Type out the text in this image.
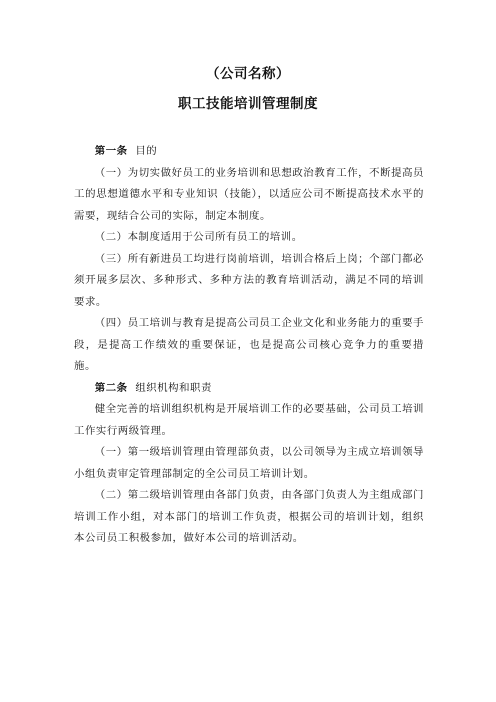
（公司名称）
职工技能培训管理制度

第一条 目的

（一）为切实做好员工的业务培训和思想政治教育工作，不断提高员工的思想道德水平和专业知识（技能），以适应公司不断提高技术水平的需要，现结合公司的实际，制定本制度。

（二）本制度适用于公司所有员工的培训。

（三）所有新进员工均进行岗前培训，培训合格后上岗；个部门都必须开展多层次、多种形式、多种方法的教育培训活动，满足不同的培训要求。

（四）员工培训与教育是提高公司员工企业文化和业务能力的重要手段，是提高工作绩效的重要保证，也是提高公司核心竞争力的重要措施。

第二条 组织机构和职责

健全完善的培训组织机构是开展培训工作的必要基础，公司员工培训工作实行两级管理。

（一）第一级培训管理由管理部负责，以公司领导为主成立培训领导小组负责审定管理部制定的全公司员工培训计划。

（二）第二级培训管理由各部门负责，由各部门负责人为主组成部门培训工作小组，对本部门的培训工作负责，根据公司的培训计划，组织本公司员工积极参加，做好本公司的培训活动。
